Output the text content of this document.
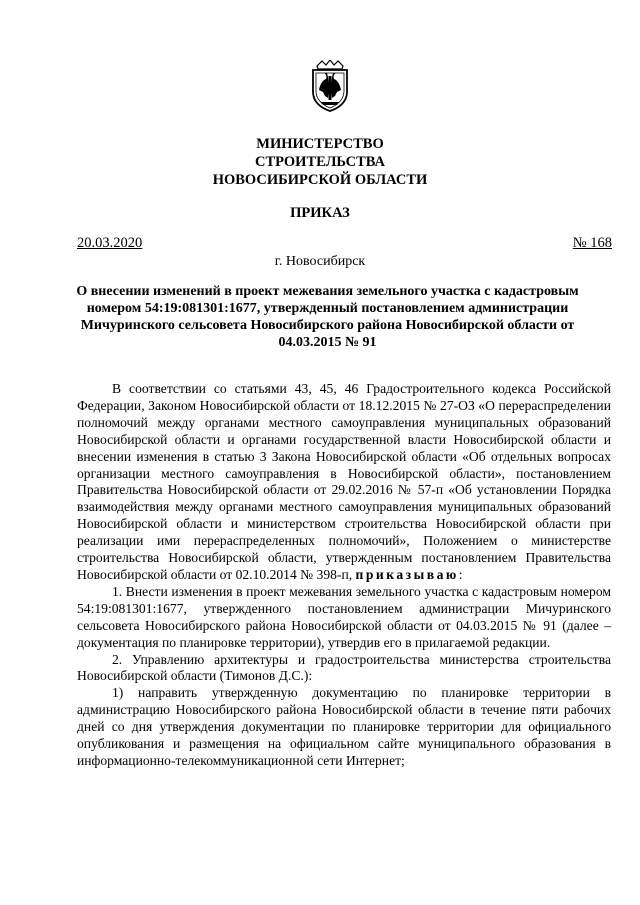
МИНИСТЕРСТВО
СТРОИТЕЛЬСТВА
НОВОСИБИРСКОЙ ОБЛАСТИ
ПРИКАЗ
20.03.2020	№ 168
г. Новосибирск
О внесении изменений в проект межевания земельного участка с кадастровым номером 54:19:081301:1677, утвержденный постановлением администрации Мичуринского сельсовета Новосибирского района Новосибирской области от 04.03.2015 № 91

В соответствии со статьями 43, 45, 46 Градостроительного кодекса Российской Федерации, Законом Новосибирской области от 18.12.2015 № 27-ОЗ «О перераспределении полномочий между органами местного самоуправления муниципальных образований Новосибирской области и органами государственной власти Новосибирской области и внесении изменения в статью 3 Закона Новосибирской области «Об отдельных вопросах организации местного самоуправления в Новосибирской области», постановлением Правительства Новосибирской области от 29.02.2016 № 57-п «Об установлении Порядка взаимодействия между органами местного самоуправления муниципальных образований Новосибирской области и министерством строительства Новосибирской области при реализации ими перераспределенных полномочий», Положением о министерстве строительства Новосибирской области, утвержденным постановлением Правительства Новосибирской области от 02.10.2014 № 398-п, приказываю:

1. Внести изменения в проект межевания земельного участка с кадастровым номером 54:19:081301:1677, утвержденного постановлением администрации Мичуринского сельсовета Новосибирского района Новосибирской области от 04.03.2015 № 91 (далее – документация по планировке территории), утвердив его в прилагаемой редакции.

2. Управлению архитектуры и градостроительства министерства строительства Новосибирской области (Тимонов Д.С.):

1) направить утвержденную документацию по планировке территории в администрацию Новосибирского района Новосибирской области в течение пяти рабочих дней со дня утверждения документации по планировке территории для официального опубликования и размещения на официальном сайте муниципального образования в информационно-телекоммуникационной сети Интернет;
